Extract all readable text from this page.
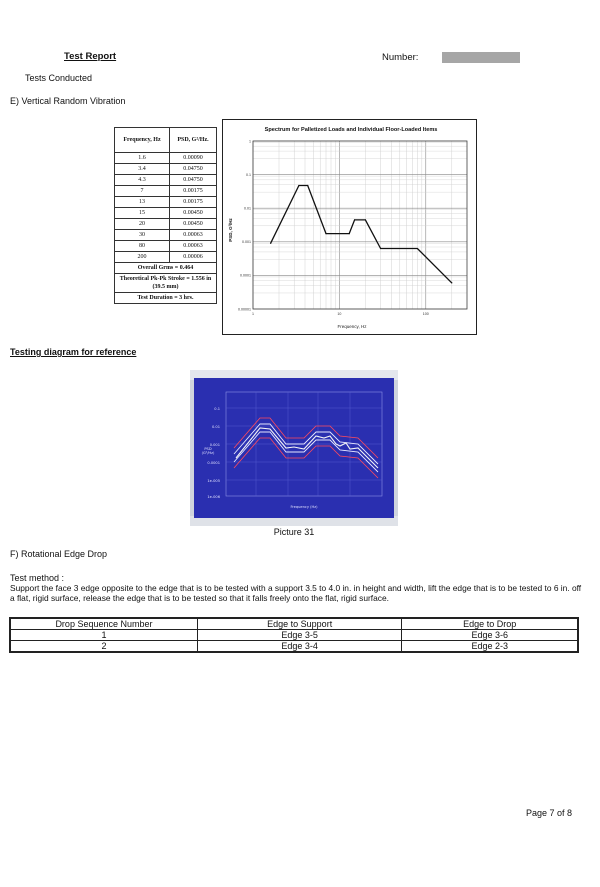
Test Report	Number:
Tests Conducted
E) Vertical Random Vibration
Frequency, Hz	PSD, G²/Hz.
1.6	0.00090
3.4	0.04750
4.3	0.04750
7	0.00175
13	0.00175
15	0.00450
20	0.00450
30	0.00063
80	0.00063
200	0.00006
Overall Grms = 0.464	
Theoretical Pk-Pk Stroke = 1.556 in (39.5 mm)	
Test Duration = 3 hrs.	
Spectrum for Palletized Loads and Individual Floor-Loaded Items
Frequency, Hz
PSD, G²/Hz
0.00001
0.0001
0.001
0.01
0.1
1
1	10	100
Testing diagram for reference
0.1
0.01
0.001
0.0001
1e-005
1e-006
PSD
(G²/Hz)
Frequency (Hz)
Picture 31
F) Rotational Edge Drop
Test method :
Support the face 3 edge opposite to the edge that is to be tested with a support 3.5 to 4.0 in. in height and width, lift the edge that is to be tested to 6 in. off a flat, rigid surface, release the edge that is to be tested so that it falls freely onto the flat, rigid surface.
Drop Sequence Number	Edge to Support	Edge to Drop
1	Edge 3-5	Edge 3-6
2	Edge 3-4	Edge 2-3
Page 7 of 8
